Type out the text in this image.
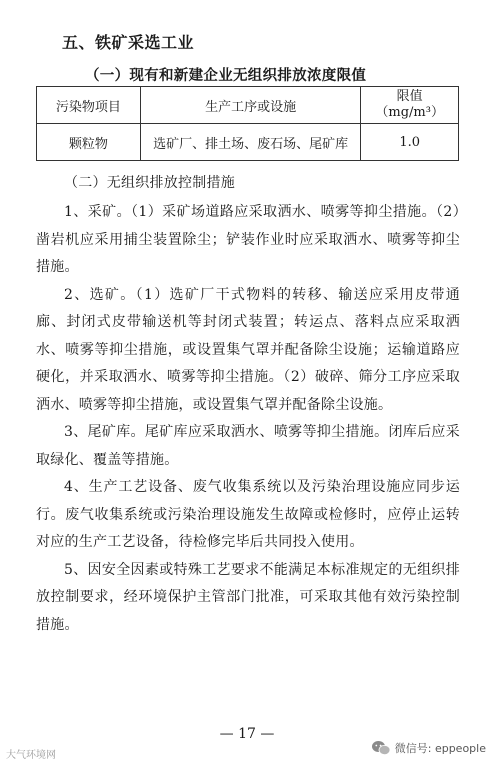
五、铁矿采选工业
（一）现有和新建企业无组织排放浓度限值
污染物项目	生产工序或设施	限值
（mg/m³）

颗粒物	选矿厂、排土场、废石场、尾矿库	1.0
（二）无组织排放控制措施

1、采矿。（1）采矿场道路应采取洒水、喷雾等抑尘措施。（2）凿岩机应采用捕尘装置除尘；铲装作业时应采取洒水、喷雾等抑尘措施。

2、选矿。（1）选矿厂干式物料的转移、输送应采用皮带通廊、封闭式皮带输送机等封闭式装置；转运点、落料点应采取洒水、喷雾等抑尘措施，或设置集气罩并配备除尘设施；运输道路应硬化，并采取洒水、喷雾等抑尘措施。（2）破碎、筛分工序应采取洒水、喷雾等抑尘措施，或设置集气罩并配备除尘设施。

3、尾矿库。尾矿库应采取洒水、喷雾等抑尘措施。闭库后应采取绿化、覆盖等措施。

4、生产工艺设备、废气收集系统以及污染治理设施应同步运行。废气收集系统或污染治理设施发生故障或检修时，应停止运转对应的生产工艺设备，待检修完毕后共同投入使用。

5、因安全因素或特殊工艺要求不能满足本标准规定的无组织排放控制要求，经环境保护主管部门批准，可采取其他有效污染控制措施。

— 17 —
大气环境网
微信号: eppeople
